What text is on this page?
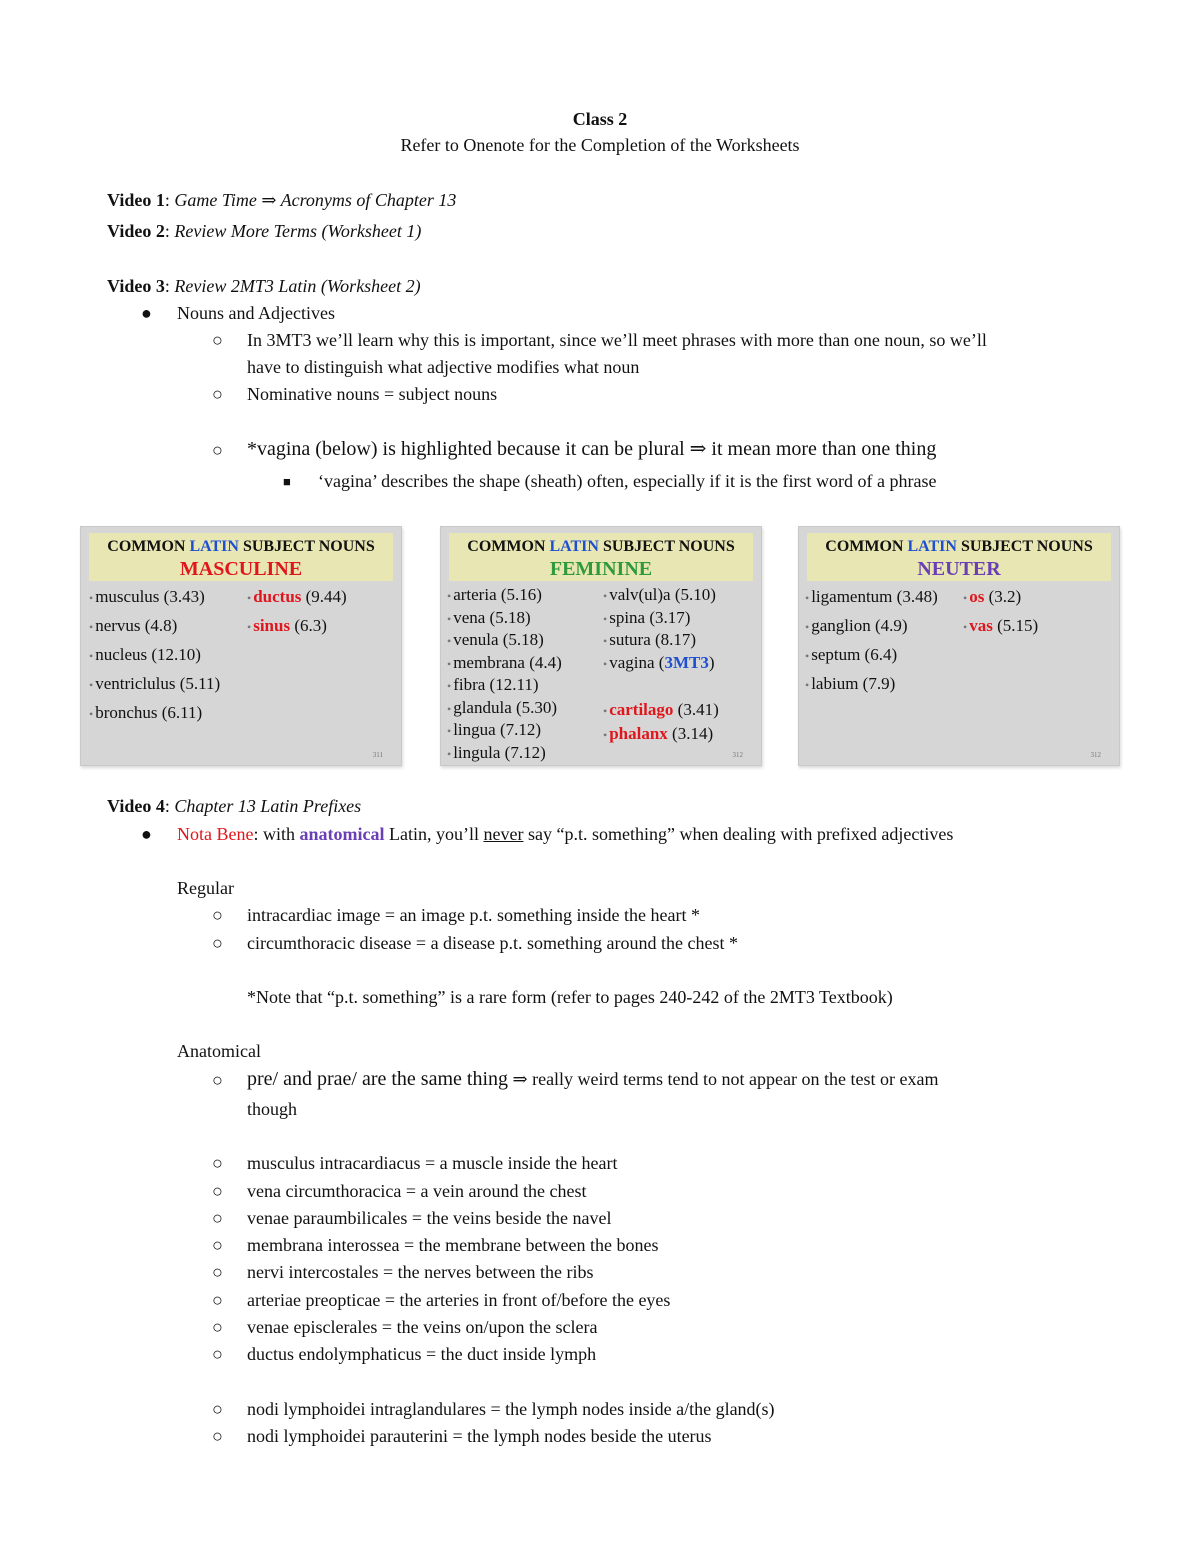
Class 2
Refer to Onenote for the Completion of the Worksheets
Video 1: Game Time ⇒ Acronyms of Chapter 13
Video 2: Review More Terms (Worksheet 1)
Video 3: Review 2MT3 Latin (Worksheet 2)
● Nouns and Adjectives
○ In 3MT3 we’ll learn why this is important, since we’ll meet phrases with more than one noun, so we’ll
have to distinguish what adjective modifies what noun
○ Nominative nouns = subject nouns
○ *vagina (below) is highlighted because it can be plural ⇒ it mean more than one thing
■ ‘vagina’ describes the shape (sheath) often, especially if it is the first word of a phrase
COMMON LATIN SUBJECT NOUNS
MASCULINE
• musculus (3.43)
• nervus (4.8)
• nucleus (12.10)
• ventriclulus (5.11)
• bronchus (6.11)
• ductus (9.44)
• sinus (6.3)
311
COMMON LATIN SUBJECT NOUNS
FEMININE
• arteria (5.16)
• vena (5.18)
• venula (5.18)
• membrana (4.4)
• fibra (12.11)
• glandula (5.30)
• lingua (7.12)
• lingula (7.12)
• valv(ul)a (5.10)
• spina (3.17)
• sutura (8.17)
• vagina (3MT3)
• cartilago (3.41)
• phalanx (3.14)
312
COMMON LATIN SUBJECT NOUNS
NEUTER
• ligamentum (3.48)
• ganglion (4.9)
• septum (6.4)
• labium (7.9)
• os (3.2)
• vas (5.15)
312
Video 4: Chapter 13 Latin Prefixes
● Nota Bene: with anatomical Latin, you’ll never say “p.t. something” when dealing with prefixed adjectives
Regular
○ intracardiac image = an image p.t. something inside the heart *
○ circumthoracic disease = a disease p.t. something around the chest *
*Note that “p.t. something” is a rare form (refer to pages 240-242 of the 2MT3 Textbook)
Anatomical
○ pre/ and prae/ are the same thing ⇒ really weird terms tend to not appear on the test or exam
though
○ musculus intracardiacus = a muscle inside the heart
○ vena circumthoracica = a vein around the chest
○ venae paraumbilicales = the veins beside the navel
○ membrana interossea = the membrane between the bones
○ nervi intercostales = the nerves between the ribs
○ arteriae preopticae = the arteries in front of/before the eyes
○ venae episclerales = the veins on/upon the sclera
○ ductus endolymphaticus = the duct inside lymph
○ nodi lymphoidei intraglandulares = the lymph nodes inside a/the gland(s)
○ nodi lymphoidei parauterini = the lymph nodes beside the uterus
